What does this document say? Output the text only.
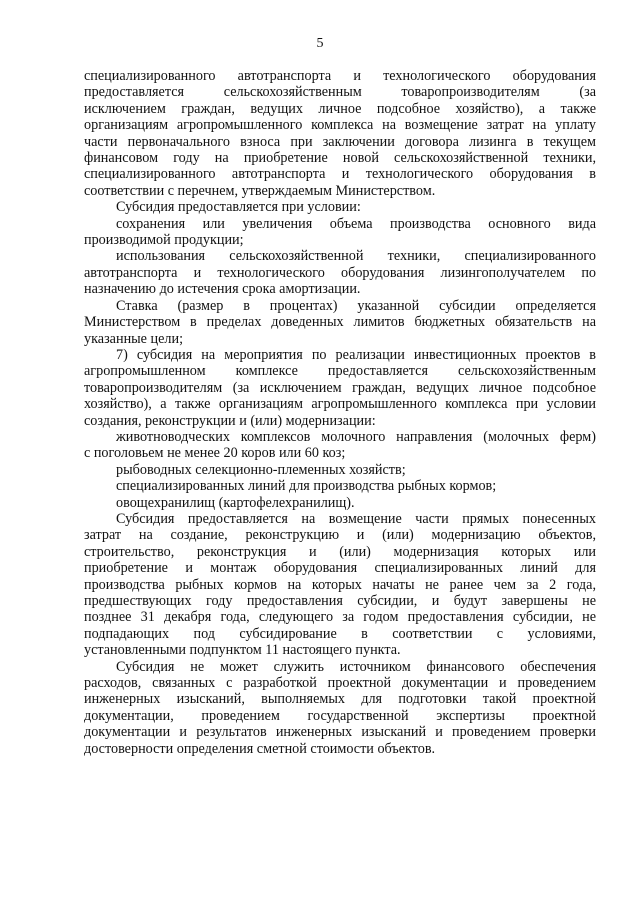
5
специализированного автотранспорта и технологического оборудования
предоставляется сельскохозяйственным товаропроизводителям (за
исключением граждан, ведущих личное подсобное хозяйство), а также
организациям агропромышленного комплекса на возмещение затрат на уплату
части первоначального взноса при заключении договора лизинга в текущем
финансовом году на приобретение новой сельскохозяйственной техники,
специализированного автотранспорта и технологического оборудования в
соответствии с перечнем, утверждаемым Министерством.
Субсидия предоставляется при условии:
сохранения или увеличения объема производства основного вида
производимой продукции;
использования сельскохозяйственной техники, специализированного
автотранспорта и технологического оборудования лизингополучателем по
назначению до истечения срока амортизации.
Ставка (размер в процентах) указанной субсидии определяется
Министерством в пределах доведенных лимитов бюджетных обязательств на
указанные цели;
7) субсидия на мероприятия по реализации инвестиционных проектов в
агропромышленном комплексе предоставляется сельскохозяйственным
товаропроизводителям (за исключением граждан, ведущих личное подсобное
хозяйство), а также организациям агропромышленного комплекса при условии
создания, реконструкции и (или) модернизации:
животноводческих комплексов молочного направления (молочных ферм)
с поголовьем не менее 20 коров или 60 коз;
рыбоводных селекционно-племенных хозяйств;
специализированных линий для производства рыбных кормов;
овощехранилищ (картофелехранилищ).
Субсидия предоставляется на возмещение части прямых понесенных
затрат на создание, реконструкцию и (или) модернизацию объектов,
строительство, реконструкция и (или) модернизация которых или
приобретение и монтаж оборудования специализированных линий для
производства рыбных кормов на которых начаты не ранее чем за 2 года,
предшествующих году предоставления субсидии, и будут завершены не
позднее 31 декабря года, следующего за годом предоставления субсидии, не
подпадающих под субсидирование в соответствии с условиями,
установленными подпунктом 11 настоящего пункта.
Субсидия не может служить источником финансового обеспечения
расходов, связанных с разработкой проектной документации и проведением
инженерных изысканий, выполняемых для подготовки такой проектной
документации, проведением государственной экспертизы проектной
документации и результатов инженерных изысканий и проведением проверки
достоверности определения сметной стоимости объектов.
